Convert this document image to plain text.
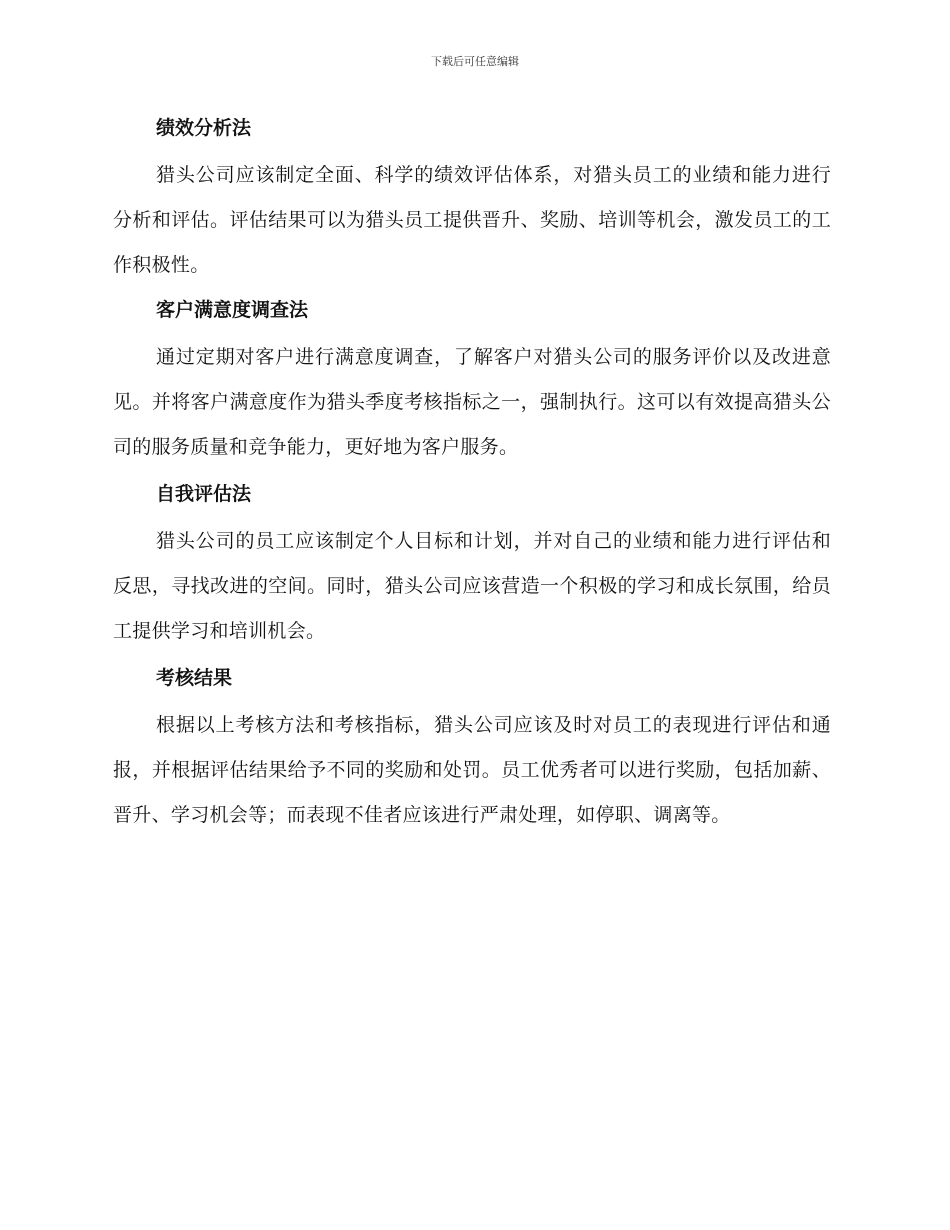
下载后可任意编辑
绩效分析法

猎头公司应该制定全面、科学的绩效评估体系，对猎头员工的业绩和能力进行分析和评估。评估结果可以为猎头员工提供晋升、奖励、培训等机会，激发员工的工作积极性。

客户满意度调查法

通过定期对客户进行满意度调查，了解客户对猎头公司的服务评价以及改进意见。并将客户满意度作为猎头季度考核指标之一，强制执行。这可以有效提高猎头公司的服务质量和竞争能力，更好地为客户服务。

自我评估法

猎头公司的员工应该制定个人目标和计划，并对自己的业绩和能力进行评估和反思，寻找改进的空间。同时，猎头公司应该营造一个积极的学习和成长氛围，给员工提供学习和培训机会。

考核结果

根据以上考核方法和考核指标，猎头公司应该及时对员工的表现进行评估和通报，并根据评估结果给予不同的奖励和处罚。员工优秀者可以进行奖励，包括加薪、晋升、学习机会等；而表现不佳者应该进行严肃处理，如停职、调离等。
